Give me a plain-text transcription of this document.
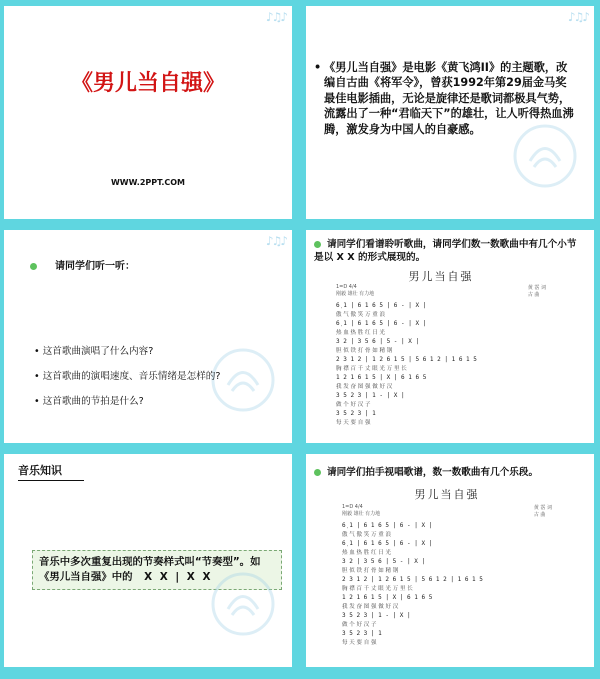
♪♫♪
《男儿当自强》
WWW.2PPT.COM
♪♫♪
• 《男儿当自强》是电影《黄飞鸿II》的主题歌，改编自古曲《将军令》，曾获1992年第29届金马奖最佳电影插曲，无论是旋律还是歌词都极具气势，流露出了一种“君临天下”的雄壮，让人听得热血沸腾，激发身为中国人的自豪感。
♪♫♪
请同学们听一听：
• 这首歌曲演唱了什么内容?
• 这首歌曲的演唱速度、音乐情绪是怎样的?
• 这首歌曲的节拍是什么?
请同学们看谱聆听歌曲，请同学们数一数歌曲中有几个小节是以 X X 的形式展现的。
男儿当自强
1=D 4/4
刚毅 雄壮 有力地
黄 霑 词
古 曲
6̣ 1 | 6 1 6 5 | 6 - | X |
傲 气 傲 笑 万 重 浪
6̣ 1 | 6 1 6 5 | 6 - | X |
热 血 热 胜 红 日 光
3 2 | 3 5 6 | 5 - | X |
胆 似 铁 打 骨 如 精 钢
2 3 1 2 | 1 2 6 1 5 | 5 6 1 2 | 1 6 1 5
胸 襟 百 千 丈 眼 光 万 里 长
1 2 1 6 1 5 | X | 6 1 6 5
我 发 奋 图 强 做 好 汉
3 5 2 3 | 1 - | X |
做 个 好 汉 子
3 5 2 3 | 1
每 天 要 自 强
音乐知识
音乐中多次重复出现的节奏样式叫“节奏型”。如《男儿当自强》中的 X X | X X
请同学们拍手视唱歌谱，数一数歌曲有几个乐段。
男儿当自强
1=D 4/4
刚毅 雄壮 有力地
黄 霑 词
古 曲
6̣ 1 | 6 1 6 5 | 6 - | X |
傲 气 傲 笑 万 重 浪
6̣ 1 | 6 1 6 5 | 6 - | X |
热 血 热 胜 红 日 光
3 2 | 3 5 6 | 5 - | X |
胆 似 铁 打 骨 如 精 钢
2 3 1 2 | 1 2 6 1 5 | 5 6 1 2 | 1 6 1 5
胸 襟 百 千 丈 眼 光 万 里 长
1 2 1 6 1 5 | X | 6 1 6 5
我 发 奋 图 强 做 好 汉
3 5 2 3 | 1 - | X |
做 个 好 汉 子
3 5 2 3 | 1
每 天 要 自 强
